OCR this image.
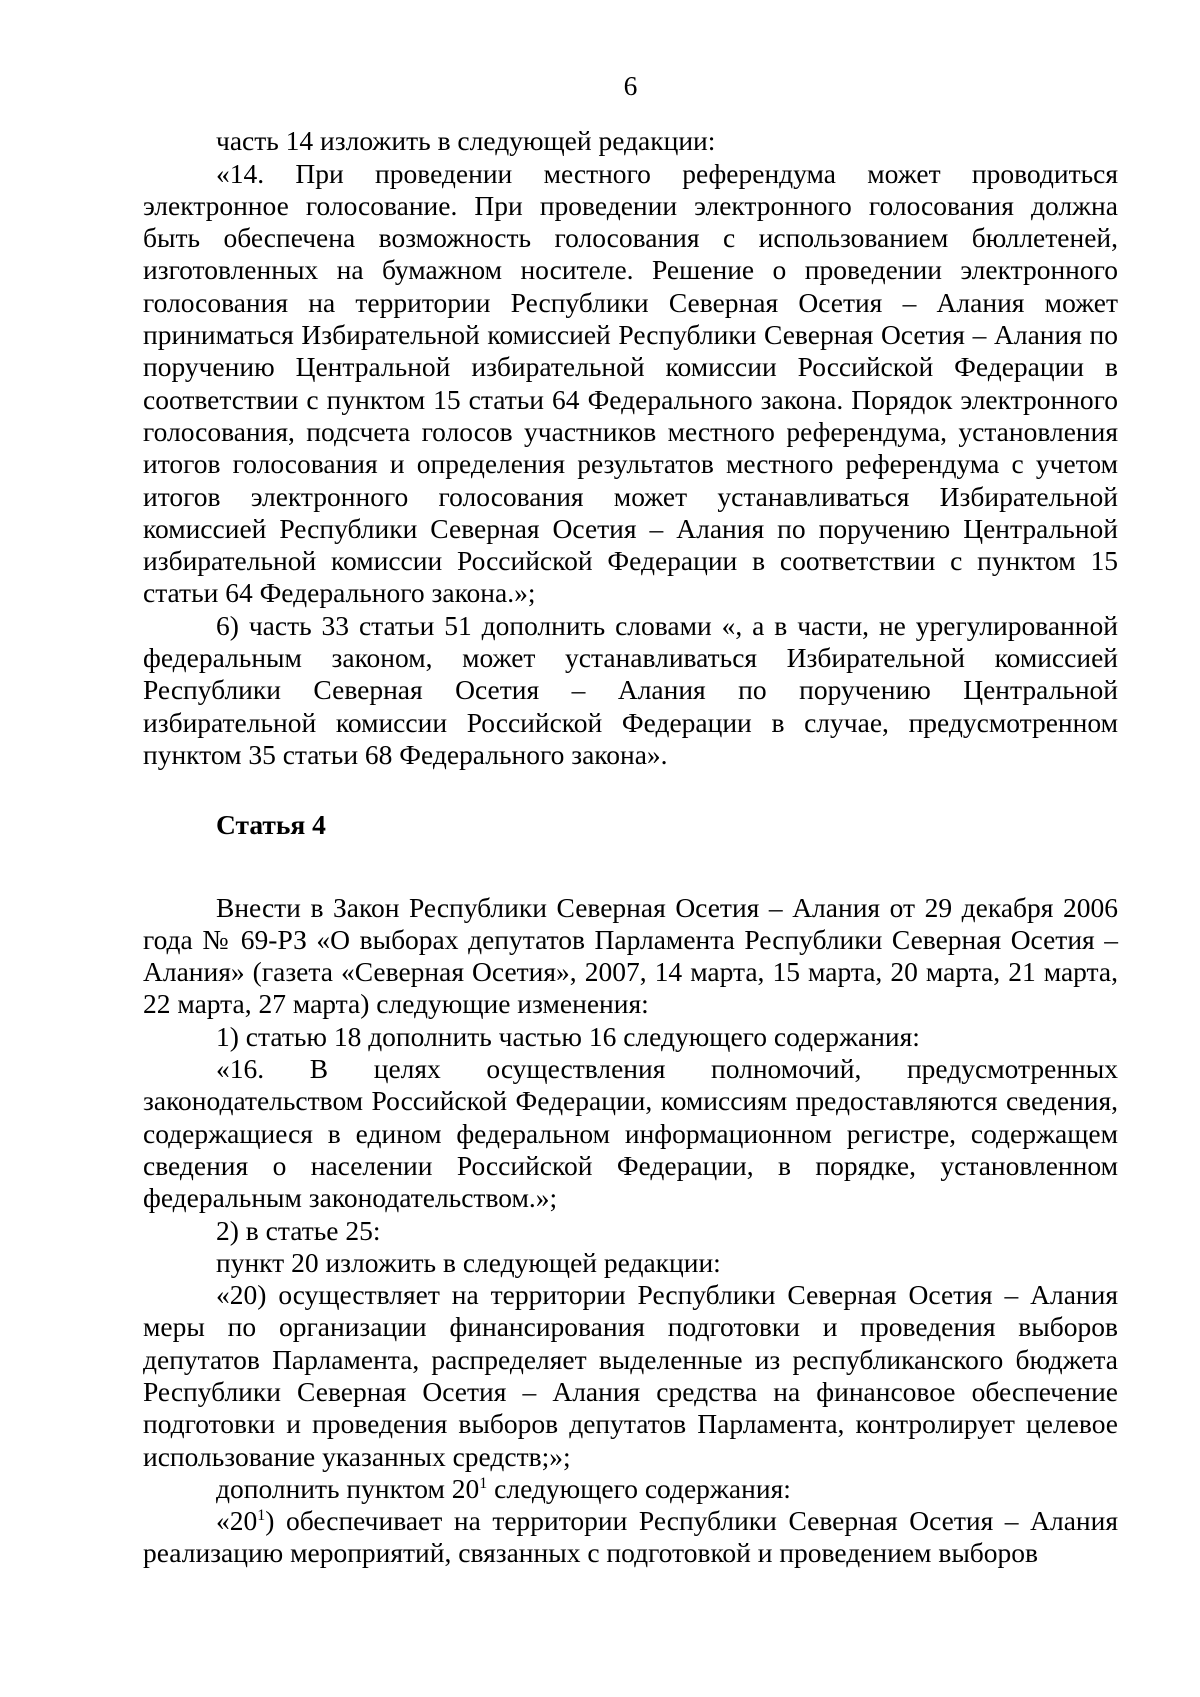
6

часть 14 изложить в следующей редакции:

«14. При проведении местного референдума может проводиться электронное голосование. При проведении электронного голосования должна быть обеспечена возможность голосования с использованием бюллетеней, изготовленных на бумажном носителе. Решение о проведении электронного голосования на территории Республики Северная Осетия – Алания может приниматься Избирательной комиссией Республики Северная Осетия – Алания по поручению Центральной избирательной комиссии Российской Федерации в соответствии с пунктом 15 статьи 64 Федерального закона. Порядок электронного голосования, подсчета голосов участников местного референдума, установления итогов голосования и определения результатов местного референдума с учетом итогов электронного голосования может устанавливаться Избирательной комиссией Республики Северная Осетия – Алания по поручению Центральной избирательной комиссии Российской Федерации в соответствии с пунктом 15 статьи 64 Федерального закона.»;

6) часть 33 статьи 51 дополнить словами «, а в части, не урегулированной федеральным законом, может устанавливаться Избирательной комиссией Республики Северная Осетия – Алания по поручению Центральной избирательной комиссии Российской Федерации в случае, предусмотренном пунктом 35 статьи 68 Федерального закона».

Статья 4

Внести в Закон Республики Северная Осетия – Алания от 29 декабря 2006 года № 69-РЗ «О выборах депутатов Парламента Республики Северная Осетия – Алания» (газета «Северная Осетия», 2007, 14 марта, 15 марта, 20 марта, 21 марта, 22 марта, 27 марта) следующие изменения:

1) статью 18 дополнить частью 16 следующего содержания:

«16. В целях осуществления полномочий, предусмотренных законодательством Российской Федерации, комиссиям предоставляются сведения, содержащиеся в едином федеральном информационном регистре, содержащем сведения о населении Российской Федерации, в порядке, установленном федеральным законодательством.»;

2) в статье 25:

пункт 20 изложить в следующей редакции:

«20) осуществляет на территории Республики Северная Осетия – Алания меры по организации финансирования подготовки и проведения выборов депутатов Парламента, распределяет выделенные из республиканского бюджета Республики Северная Осетия – Алания средства на финансовое обеспечение подготовки и проведения выборов депутатов Парламента, контролирует целевое использование указанных средств;»;

дополнить пунктом $20^1$ следующего содержания:

«$20^1$) обеспечивает на территории Республики Северная Осетия – Алания реализацию мероприятий, связанных с подготовкой и проведением выборов
